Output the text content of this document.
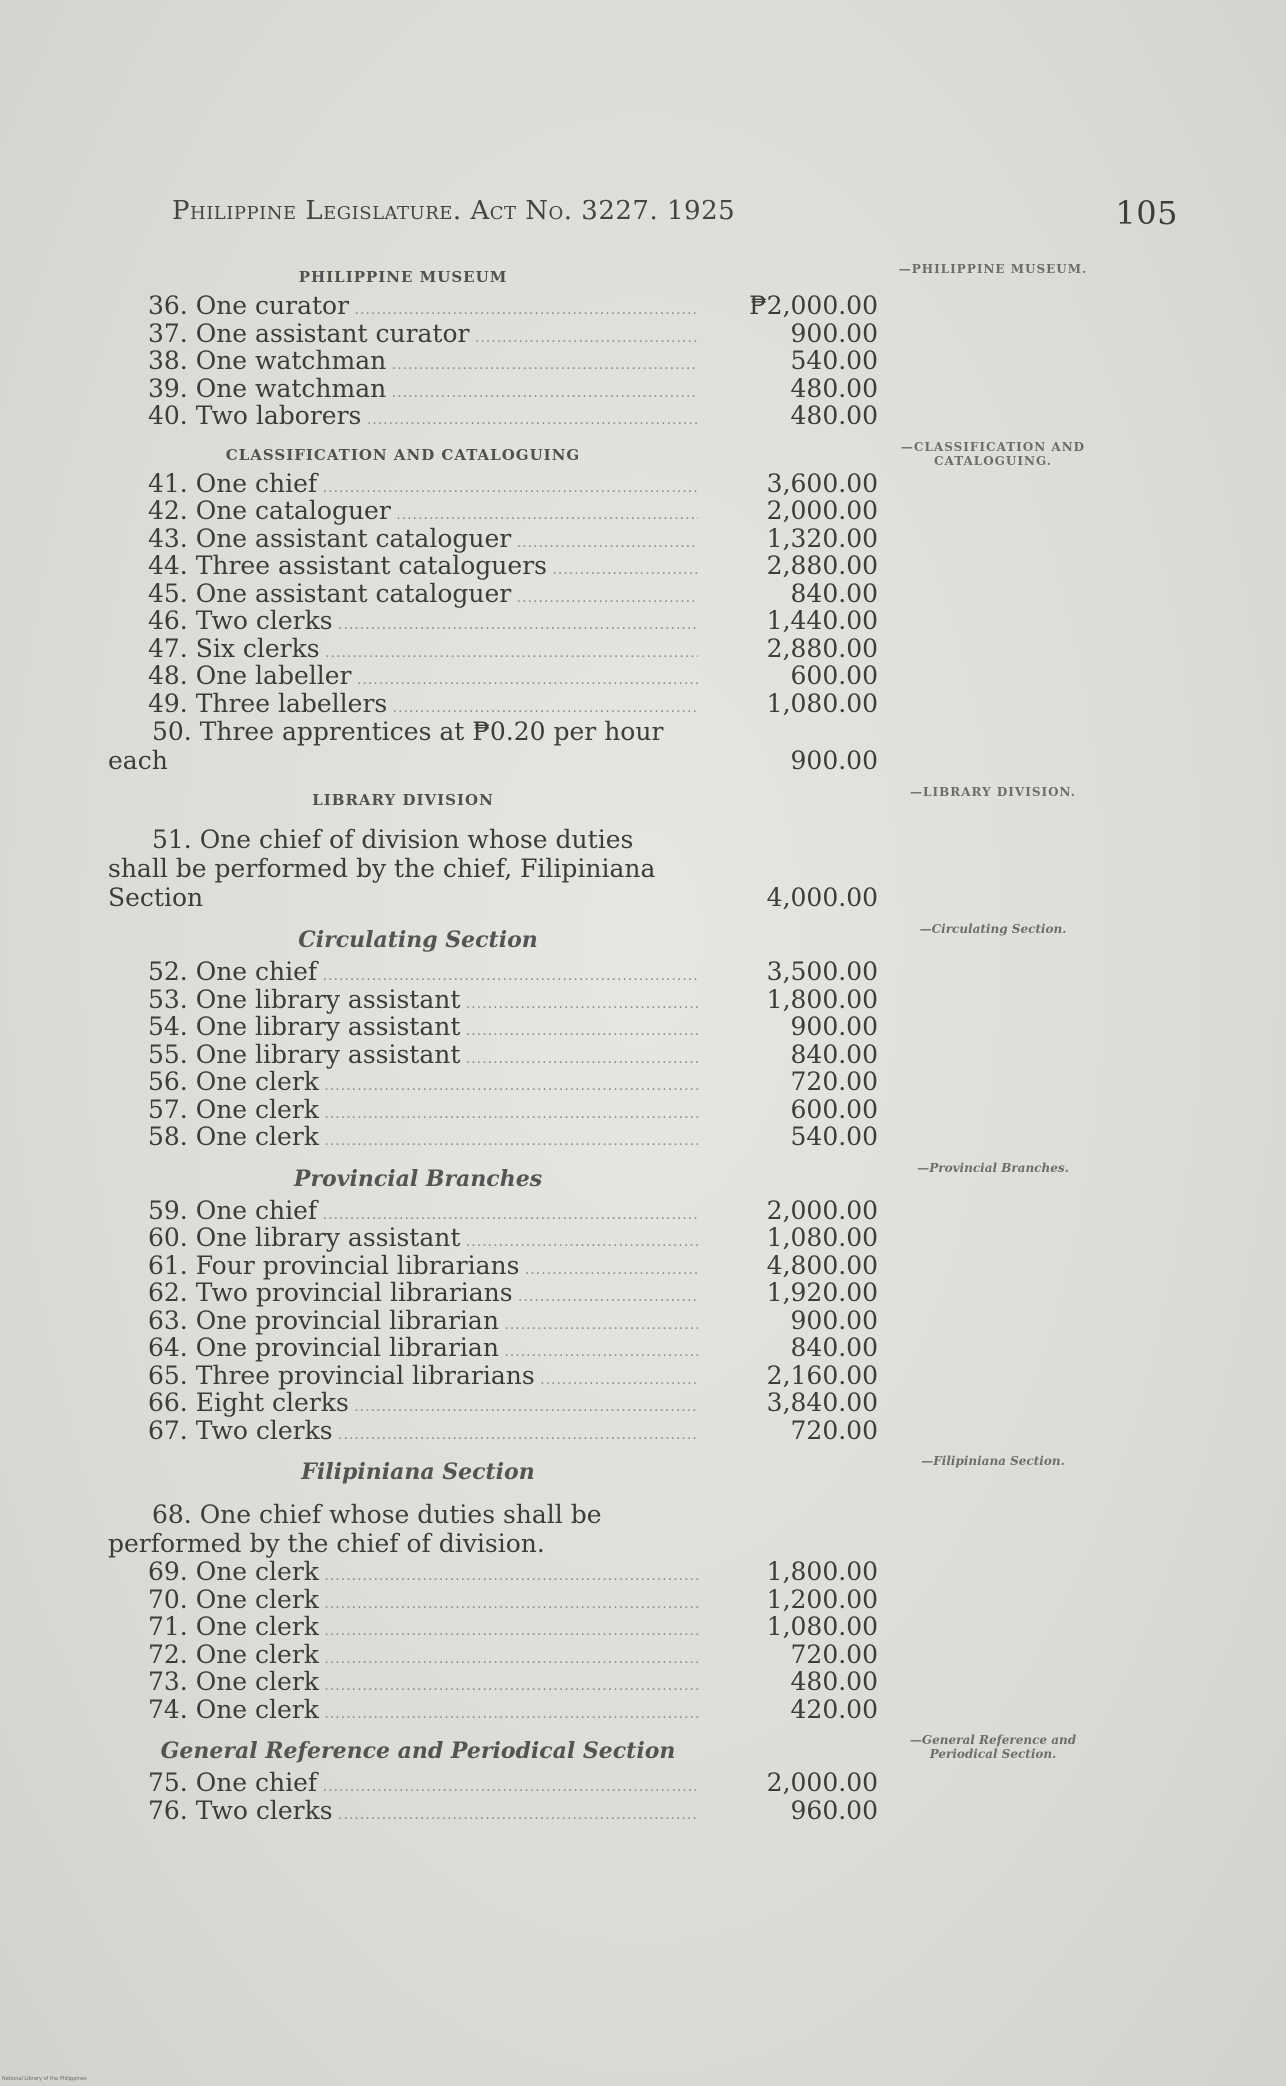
Philippine Legislature. Act No. 3227. 1925	105
PHILIPPINE MUSEUM	—PHILIPPINE MUSEUM.
36. One curator .....	₱2,000.00
37. One assistant curator .....	900.00
38. One watchman .....	540.00
39. One watchman .....	480.00
40. Two laborers .....	480.00
CLASSIFICATION AND CATALOGUING	—CLASSIFICATION AND CATALOGUING.
41. One chief .....	3,600.00
42. One cataloguer .....	2,000.00
43. One assistant cataloguer .....	1,320.00
44. Three assistant cataloguers .....	2,880.00
45. One assistant cataloguer .....	840.00
46. Two clerks .....	1,440.00
47. Six clerks .....	2,880.00
48. One labeller .....	600.00
49. Three labellers .....	1,080.00
50. Three apprentices at ₱0.20 per hour each	900.00
LIBRARY DIVISION	—LIBRARY DIVISION.
51. One chief of division whose duties shall be performed by the chief, Filipiniana Section	4,000.00
Circulating Section	—Circulating Section.
52. One chief .....	3,500.00
53. One library assistant .....	1,800.00
54. One library assistant .....	900.00
55. One library assistant .....	840.00
56. One clerk .....	720.00
57. One clerk .....	600.00
58. One clerk .....	540.00
Provincial Branches	—Provincial Branches.
59. One chief .....	2,000.00
60. One library assistant .....	1,080.00
61. Four provincial librarians .....	4,800.00
62. Two provincial librarians .....	1,920.00
63. One provincial librarian .....	900.00
64. One provincial librarian .....	840.00
65. Three provincial librarians .....	2,160.00
66. Eight clerks .....	3,840.00
67. Two clerks .....	720.00
Filipiniana Section	—Filipiniana Section.
68. One chief whose duties shall be performed by the chief of division.
69. One clerk .....	1,800.00
70. One clerk .....	1,200.00
71. One clerk .....	1,080.00
72. One clerk .....	720.00
73. One clerk .....	480.00
74. One clerk .....	420.00
General Reference and Periodical Section	—General Reference and Periodical Section.
75. One chief .....	2,000.00
76. Two clerks .....	960.00
National Library of the Philippines
